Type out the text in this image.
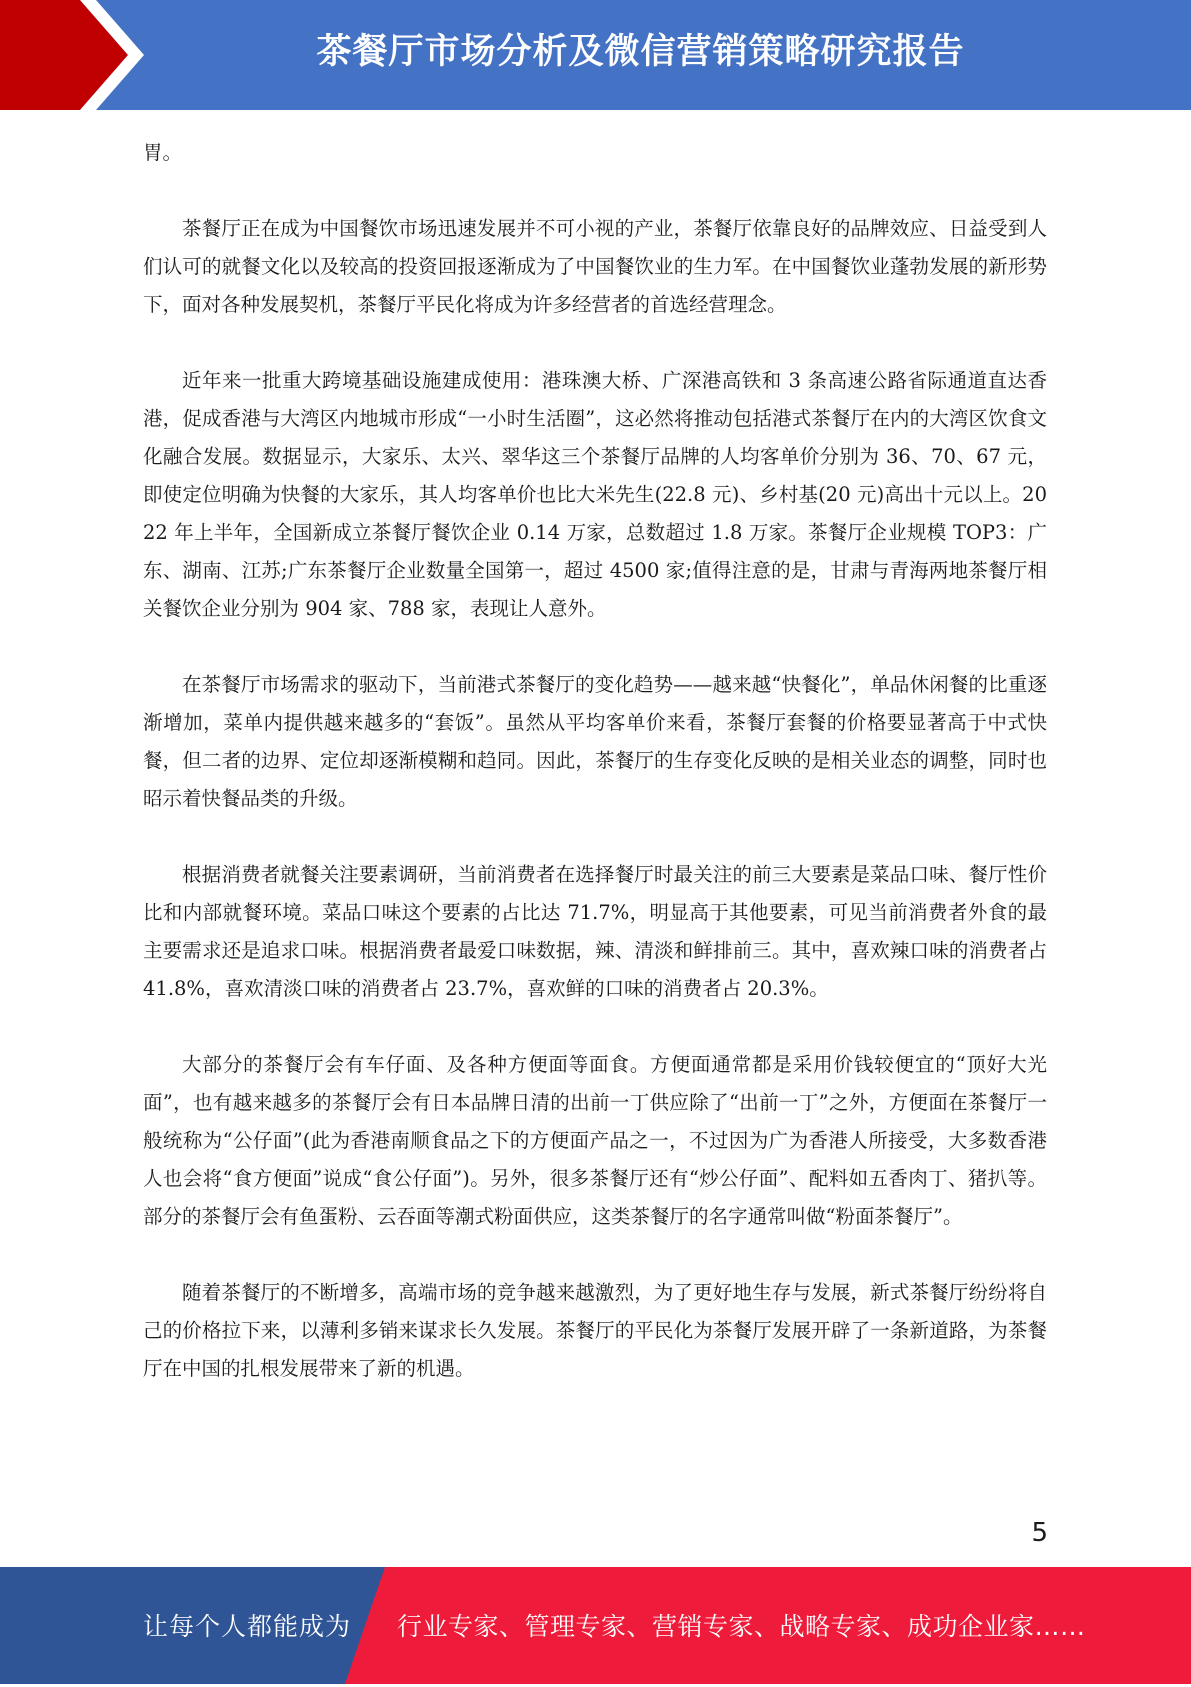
茶餐厅市场分析及微信营销策略研究报告

胃。

茶餐厅正在成为中国餐饮市场迅速发展并不可小视的产业，茶餐厅依靠良好的品牌效应、日益受到人们认可的就餐文化以及较高的投资回报逐渐成为了中国餐饮业的生力军。在中国餐饮业蓬勃发展的新形势下，面对各种发展契机，茶餐厅平民化将成为许多经营者的首选经营理念。

近年来一批重大跨境基础设施建成使用：港珠澳大桥、广深港高铁和 3 条高速公路省际通道直达香港，促成香港与大湾区内地城市形成“一小时生活圈”，这必然将推动包括港式茶餐厅在内的大湾区饮食文化融合发展。数据显示，大家乐、太兴、翠华这三个茶餐厅品牌的人均客单价分别为 36、70、67 元，即使定位明确为快餐的大家乐，其人均客单价也比大米先生(22.8 元)、乡村基(20 元)高出十元以上。2022 年上半年，全国新成立茶餐厅餐饮企业 0.14 万家，总数超过 1.8 万家。茶餐厅企业规模 TOP3：广东、湖南、江苏;广东茶餐厅企业数量全国第一，超过 4500 家;值得注意的是，甘肃与青海两地茶餐厅相关餐饮企业分别为 904 家、788 家，表现让人意外。

在茶餐厅市场需求的驱动下，当前港式茶餐厅的变化趋势——越来越“快餐化”，单品休闲餐的比重逐渐增加，菜单内提供越来越多的“套饭”。虽然从平均客单价来看，茶餐厅套餐的价格要显著高于中式快餐，但二者的边界、定位却逐渐模糊和趋同。因此，茶餐厅的生存变化反映的是相关业态的调整，同时也昭示着快餐品类的升级。

根据消费者就餐关注要素调研，当前消费者在选择餐厅时最关注的前三大要素是菜品口味、餐厅性价比和内部就餐环境。菜品口味这个要素的占比达 71.7%，明显高于其他要素，可见当前消费者外食的最主要需求还是追求口味。根据消费者最爱口味数据，辣、清淡和鲜排前三。其中，喜欢辣口味的消费者占 41.8%，喜欢清淡口味的消费者占 23.7%，喜欢鲜的口味的消费者占 20.3%。

大部分的茶餐厅会有车仔面、及各种方便面等面食。方便面通常都是采用价钱较便宜的“顶好大光面”，也有越来越多的茶餐厅会有日本品牌日清的出前一丁供应除了“出前一丁”之外，方便面在茶餐厅一般统称为“公仔面”(此为香港南顺食品之下的方便面产品之一，不过因为广为香港人所接受，大多数香港人也会将“食方便面”说成“食公仔面”)。另外，很多茶餐厅还有“炒公仔面”、配料如五香肉丁、猪扒等。部分的茶餐厅会有鱼蛋粉、云吞面等潮式粉面供应，这类茶餐厅的名字通常叫做“粉面茶餐厅”。

随着茶餐厅的不断增多，高端市场的竞争越来越激烈，为了更好地生存与发展，新式茶餐厅纷纷将自己的价格拉下来，以薄利多销来谋求长久发展。茶餐厅的平民化为茶餐厅发展开辟了一条新道路，为茶餐厅在中国的扎根发展带来了新的机遇。

5
让每个人都能成为 行业专家、管理专家、营销专家、战略专家、成功企业家……
